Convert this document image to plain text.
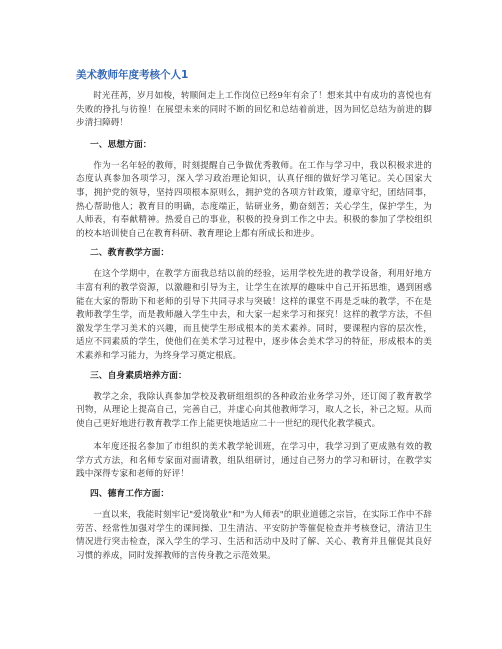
美术教师年度考核个人1

时光荏苒，岁月如梭，转顺间走上工作岗位已经9年有余了！想来其中有成功的喜悦也有失败的挣扎与彷徨！在展望未来的同时不断的回忆和总结着前进，因为回忆总结为前进的脚步清扫障碍！

一、思想方面：

作为一名年轻的教师，时刻提醒自己争做优秀教师。在工作与学习中，我以积极求进的态度认真参加各项学习，深入学习政治理论知识，认真仔细的做好学习笔记。关心国家大事，拥护党的领导，坚持四项根本原则么，拥护党的各项方针政策，遵章守纪，团结同事，热心帮助他人；教育目的明确，态度端正，钻研业务，勤奋刻苦；关心学生，保护学生，为人师表，有奉献精神。热爱自己的事业，积极的投身到工作之中去。积极的参加了学校组织的校本培训使自己在教育科研、教育理论上都有所成长和进步。

二、教育教学方面：

在这个学期中，在教学方面我总结以前的经验，运用学校先进的教学设备，利用好地方丰富有利的教学资源，以激趣和引导为主，让学生在浓厚的趣味中自己开拓思维，遇到困惑能在大家的帮助下和老师的引导下共同寻求与突破！这样的课堂不再是乏味的教学，不在是教师教学生学，而是教师融入学生中去，和大家一起来学习和探究！这样的教学方法，不但激发学生学习美术的兴趣，而且使学生形成根本的美术素养。同时，要课程内容的层次性，适应不同素质的学生，使他们在美术学习过程中，逐步体会美术学习的特征，形成根本的美术素养和学习能力，为终身学习奠定根底。

三、自身素质培养方面：

教学之余，我除认真参加学校及教研组组织的各种政治业务学习外，还订阅了教育教学刊物，从理论上提高自己，完善自己，并虚心向其他教师学习，取人之长，补己之短。从而使自己更好地进行教育教学工作上能更快地适应二十一世纪的现代化教学模式。

本年度还报名参加了市组织的美术教学轮训班，在学习中，我学习到了更成熟有效的教学方式方法，和名师专家面对面请教，组队组研讨，通过自己努力的学习和研讨，在教学实践中深得专家和老师的好评！

四、德育工作方面：

一直以来，我能时刻牢记"爱岗敬业"和"为人师表"的职业道德之宗旨，在实际工作中不辞劳苦、经常性加强对学生的课间操、卫生清洁、平安防护等催促检查并考核登记，清洁卫生情况进行突击检查，深入学生的学习、生活和活动中及时了解、关心、教育并且催促其良好习惯的养成，同时发挥教师的言传身教之示范效果。
